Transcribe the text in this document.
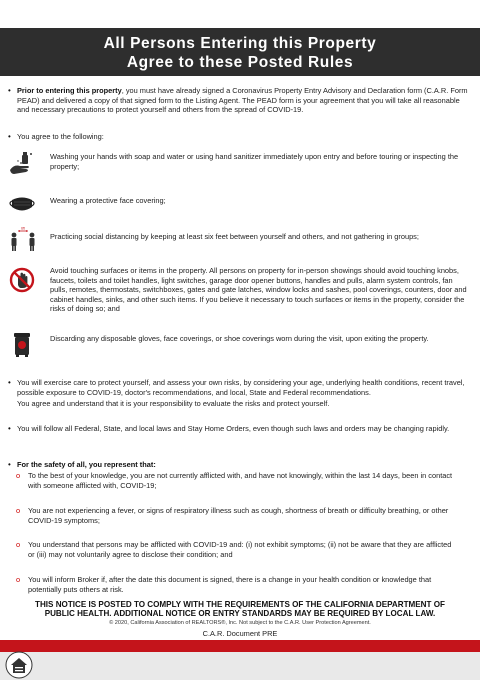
All Persons Entering this Property
Agree to these Posted Rules
• Prior to entering this property, you must have already signed a Coronavirus Property Entry Advisory and Declaration form (C.A.R. Form PEAD) and delivered a copy of that signed form to the Listing Agent. The PEAD form is your agreement that you will take all reasonable and necessary precautions to protect yourself and others from the spread of COVID-19.
• You agree to the following:
Washing your hands with soap and water or using hand sanitizer immediately upon entry and before touring or inspecting the property;
Wearing a protective face covering;
6ft
Practicing social distancing by keeping at least six feet between yourself and others, and not gathering in groups;
Avoid touching surfaces or items in the property. All persons on property for in-person showings should avoid touching knobs, faucets, toilets and toilet handles, light switches, garage door opener buttons, handles and pulls, alarm system controls, fan pulls, remotes, thermostats, switchboxes, gates and gate latches, window locks and sashes, pool coverings, counters, door and cabinet handles, sinks, and other such items. If you believe it necessary to touch surfaces or items in the property, consider the risks of doing so; and
Discarding any disposable gloves, face coverings, or shoe coverings worn during the visit, upon exiting the property.
• You will exercise care to protect yourself, and assess your own risks, by considering your age, underlying health conditions, recent travel, possible exposure to COVID-19, doctor's recommendations, and local, State and Federal recommendations.
You agree and understand that it is your responsibility to evaluate the risks and protect yourself.
• You will follow all Federal, State, and local laws and Stay Home Orders, even though such laws and orders may be changing rapidly.
• For the safety of all, you represent that:
o To the best of your knowledge, you are not currently afflicted with, and have not knowingly, within the last 14 days, been in contact with someone afflicted with, COVID-19;
o You are not experiencing a fever, or signs of respiratory illness such as cough, shortness of breath or difficulty breathing, or other COVID-19 symptoms;
o You understand that persons may be afflicted with COVID-19 and: (i) not exhibit symptoms; (ii) not be aware that they are afflicted or (iii) may not voluntarily agree to disclose their condition; and
o You will inform Broker if, after the date this document is signed, there is a change in your health condition or knowledge that potentially puts others at risk.
THIS NOTICE IS POSTED TO COMPLY WITH THE REQUIREMENTS OF THE CALIFORNIA DEPARTMENT OF
PUBLIC HEALTH. ADDITIONAL NOTICE OR ENTRY STANDARDS MAY BE REQUIRED BY LOCAL LAW.
© 2020, California Association of REALTORS®, Inc. Not subject to the C.A.R. User Protection Agreement.
C.A.R. Document PRE
